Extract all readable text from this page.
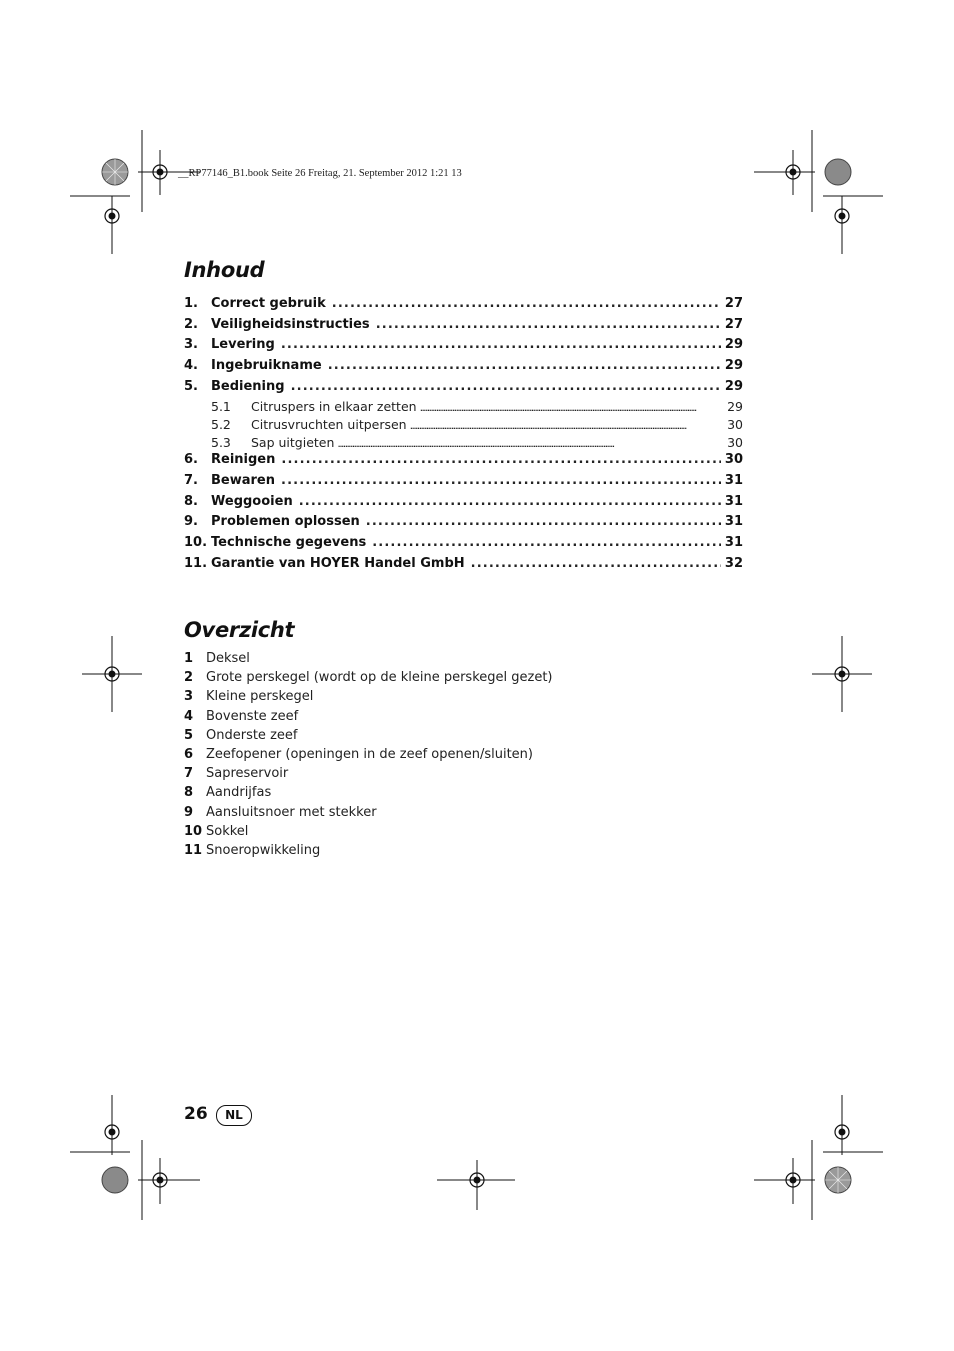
__RP77146_B1.book Seite 26 Freitag, 21. September 2012 1:21 13
Inhoud
1.	Correct gebruik . . .	27
2.	Veiligheidsinstructies . . .	27
3.	Levering . . .	29
4.	Ingebruikname . . .	29
5.	Bediening . . .	29
5.1	Citruspers in elkaar zetten . . .	29
5.2	Citrusvruchten uitpersen . . .	30
5.3	Sap uitgieten . . .	30
6.	Reinigen . . .	30
7.	Bewaren . . .	31
8.	Weggooien . . .	31
9.	Problemen oplossen . . .	31
10. Technische gegevens . . .	31
11. Garantie van HOYER Handel GmbH . . .	32
Overzicht
1 Deksel
2 Grote perskegel (wordt op de kleine perskegel gezet)
3 Kleine perskegel
4 Bovenste zeef
5 Onderste zeef
6 Zeefopener (openingen in de zeef openen/sluiten)
7 Sapreservoir
8 Aandrijfas
9 Aansluitsnoer met stekker
10 Sokkel
11 Snoeropwikkeling

26	NL
